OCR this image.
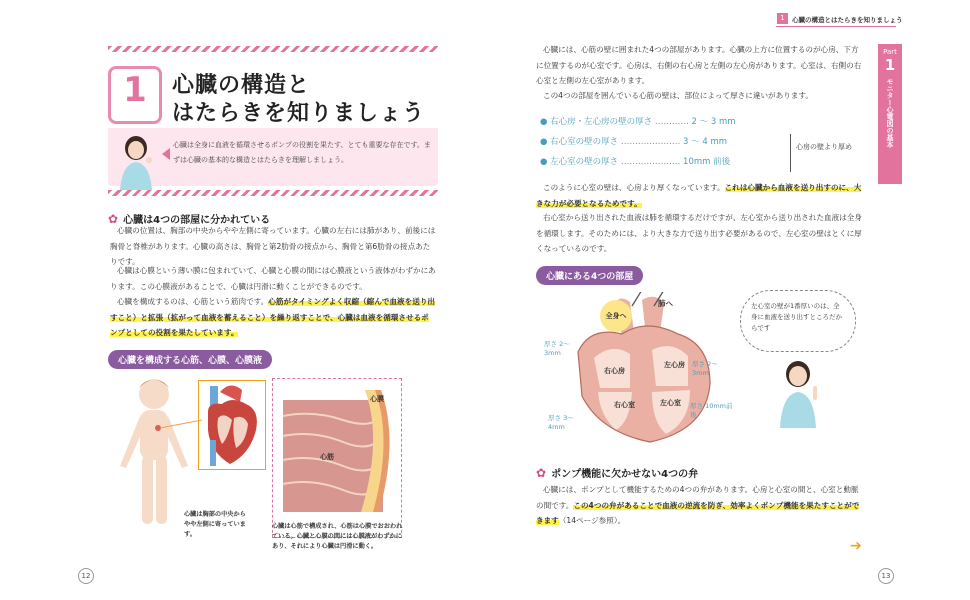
1	心臓の構造と
はたらきを知りましょう
心臓は全身に血液を循環させるポンプの役割を果たす、とても重要な存在です。まずは心臓の基本的な構造とはたらきを理解しましょう。
✿ 心臓は4つの部屋に分かれている
心臓の位置は、胸部の中央からやや左側に寄っています。心臓の左右には肺があり、前後には胸骨と脊椎があります。心臓の高さは、胸骨と第2肋骨の接点から、胸骨と第6肋骨の接点あたりです。
心臓は心膜という薄い膜に包まれていて、心臓と心膜の間には心膜液という液体がわずかにあります。この心膜液があることで、心臓は円滑に動くことができるのです。
心臓を構成するのは、心筋という筋肉です。心筋がタイミングよく収縮（縮んで血液を送り出すこと）と拡張（拡がって血液を蓄えること）を繰り返すことで、心臓は血液を循環させるポンプとしての役割を果たしています。
心臓を構成する心筋、心膜、心膜液
心膜
心筋
心臓は胸部の中央からやや左側に寄っています。
心臓は心筋で構成され、心筋は心膜でおおわれている。心臓と心膜の間には心膜液がわずかにあり、それにより心臓は円滑に動く。
12
1	心臓の構造とはたらきを知りましょう
Part
1
モニター心電図の基本
心臓には、心筋の壁に囲まれた4つの部屋があります。心臓の上方に位置するのが心房、下方に位置するのが心室です。心房は、右側の右心房と左側の左心房があります。心室は、右側の右心室と左側の左心室があります。
この4つの部屋を囲んでいる心筋の壁は、部位によって厚さに違いがあります。
● 右心房・左心房の壁の厚さ ………… 2 〜 3 mm
● 右心室の壁の厚さ ………………… 3 〜 4 mm
● 左心室の壁の厚さ ………………… 10mm 前後
心房の壁より厚め
このように心室の壁は、心房より厚くなっています。これは心臓から血液を送り出すのに、大きな力が必要となるためです。
右心室から送り出された血液は肺を循環するだけですが、左心室から送り出された血液は全身を循環します。そのためには、より大きな力で送り出す必要があるので、左心室の壁はとくに厚くなっているのです。
心臓にある4つの部屋
全身へ
肺へ
右心房
左心房
右心室	左心室
厚さ 2〜3mm
厚さ 2〜3mm
厚さ 3〜4mm
厚さ 10mm前後
左心室の壁が1番厚いのは、全身に血液を送り出すところだからです
✿ ポンプ機能に欠かせない4つの弁
心臓には、ポンプとして機能するための4つの弁があります。心房と心室の間と、心室と動脈の間です。この4つの弁があることで血液の逆流を防ぎ、効率よくポンプ機能を果たすことができます（14ページ参照）。
➔
13
